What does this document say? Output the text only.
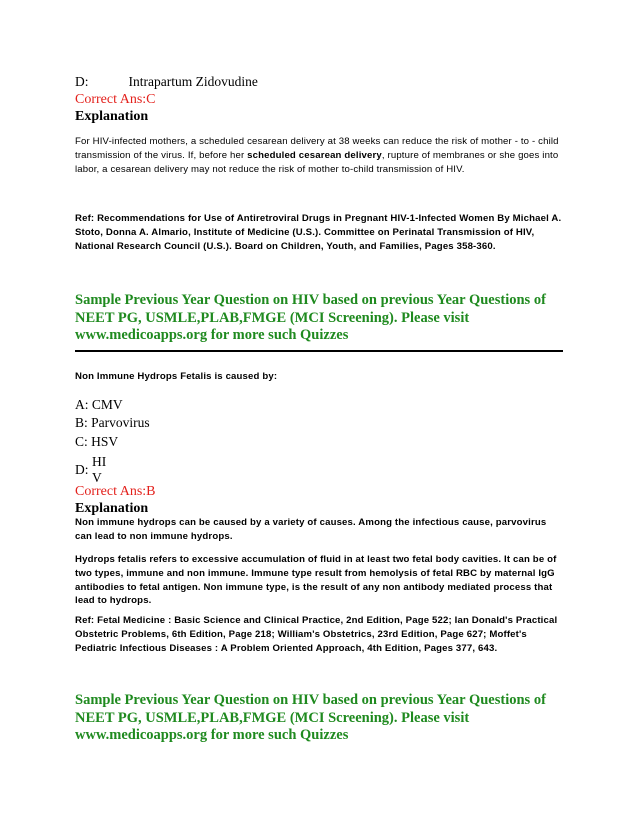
D:	Intrapartum Zidovudine
Correct Ans:C
Explanation
For HIV-infected mothers, a scheduled cesarean delivery at 38 weeks can reduce the risk of mother - to - child transmission of the virus. If, before her scheduled cesarean delivery, rupture of membranes or she goes into labor, a cesarean delivery may not reduce the risk of mother to-child transmission of HIV.
Ref: Recommendations for Use of Antiretroviral Drugs in Pregnant HIV-1-Infected Women By Michael A. Stoto, Donna A. Almario, Institute of Medicine (U.S.). Committee on Perinatal Transmission of HIV, National Research Council (U.S.). Board on Children, Youth, and Families, Pages 358-360.
Sample Previous Year Question on HIV based on previous Year Questions of NEET PG, USMLE,PLAB,FMGE (MCI Screening). Please visit www.medicoapps.org for more such Quizzes
Non Immune Hydrops Fetalis is caused by:
A: CMV
B: Parvovirus
C: HSV
D:
HI
V
Correct Ans:B
Explanation
Non immune hydrops can be caused by a variety of causes. Among the infectious cause, parvovirus can lead to non immune hydrops.
Hydrops fetalis refers to excessive accumulation of fluid in at least two fetal body cavities. It can be of two types, immune and non immune. Immune type result from hemolysis of fetal RBC by maternal IgG antibodies to fetal antigen. Non immune type, is the result of any non antibody mediated process that lead to hydrops.
Ref: Fetal Medicine : Basic Science and Clinical Practice, 2nd Edition, Page 522; Ian Donald's Practical Obstetric Problems, 6th Edition, Page 218; William's Obstetrics, 23rd Edition, Page 627; Moffet's Pediatric Infectious Diseases : A Problem Oriented Approach, 4th Edition, Pages 377, 643.
Sample Previous Year Question on HIV based on previous Year Questions of NEET PG, USMLE,PLAB,FMGE (MCI Screening). Please visit www.medicoapps.org for more such Quizzes
